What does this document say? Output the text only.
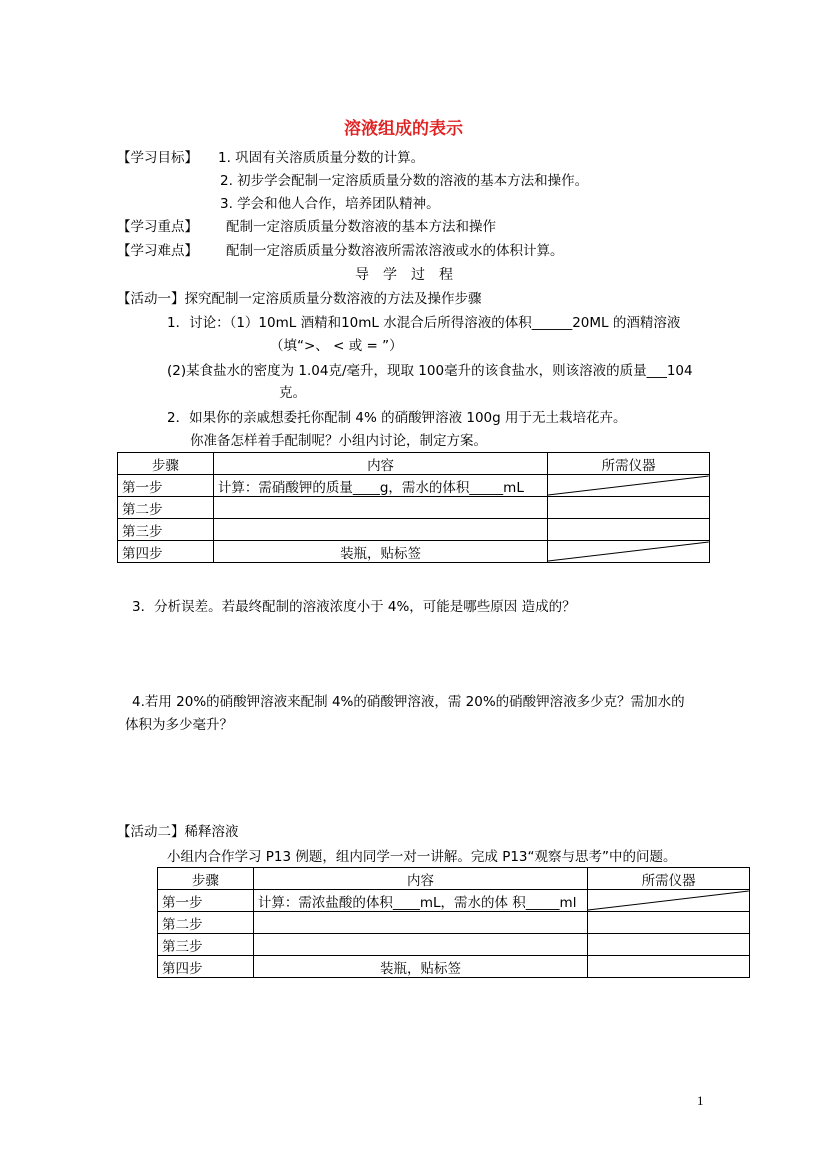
溶液组成的表示
【学习目标】 1. 巩固有关溶质质量分数的计算。
2. 初步学会配制一定溶质质量分数的溶液的基本方法和操作。
3. 学会和他人合作，培养团队精神。
【学习重点】 配制一定溶质质量分数溶液的基本方法和操作
【学习难点】 配制一定溶质质量分数溶液所需浓溶液或水的体积计算。
导　学　过　程
【活动一】探究配制一定溶质质量分数溶液的方法及操作步骤
1．讨论：（1）10mL 酒精和10mL 水混合后所得溶液的体积______20ML 的酒精溶液
（填“>、 < 或 = ”）
(2)某食盐水的密度为 1.04克/毫升，现取 100毫升的该食盐水，则该溶液的质量___104
克。
2．如果你的亲戚想委托你配制 4% 的硝酸钾溶液 100g 用于无土栽培花卉。
你准备怎样着手配制呢？小组内讨论，制定方案。
步骤	内容	所需仪器
第一步	计算：需硝酸钾的质量____g，需水的体积_____mL	

第二步		
第三步		
第四步	装瓶，贴标签	
3．分析误差。若最终配制的溶液浓度小于 4%，可能是哪些原因 造成的？
4.若用 20%的硝酸钾溶液来配制 4%的硝酸钾溶液，需 20%的硝酸钾溶液多少克？需加水的
体积为多少毫升？
【活动二】稀释溶液
小组内合作学习 P13 例题，组内同学一对一讲解。完成 P13“观察与思考”中的问题。
步骤	内容	所需仪器
第一步	计算：需浓盐酸的体积____mL，需水的体 积_____ml	

第二步		
第三步		
第四步	装瓶，贴标签	
1
